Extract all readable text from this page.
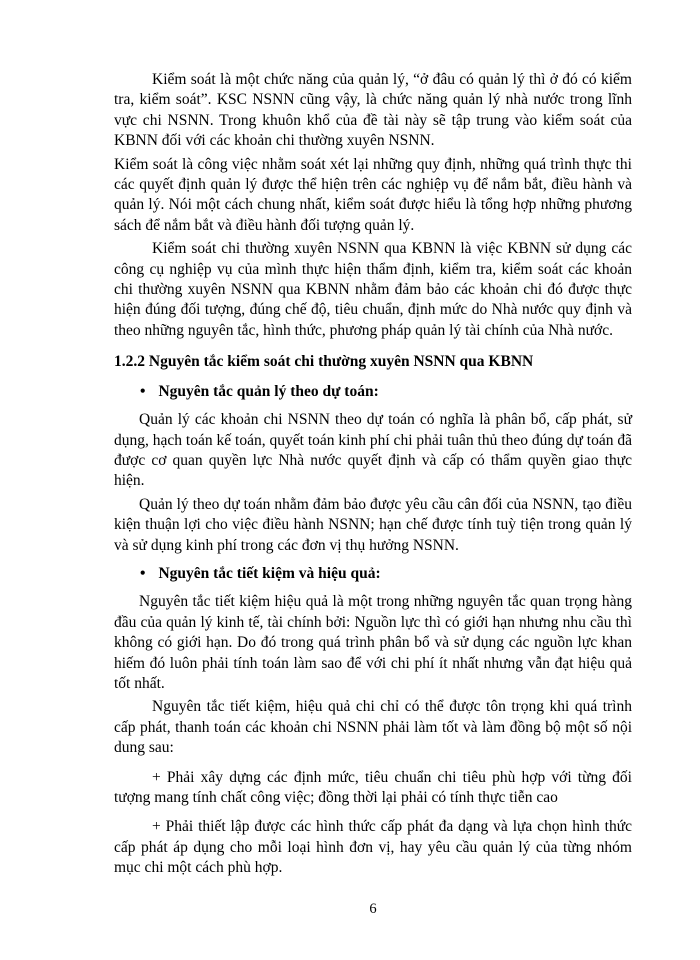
Kiểm soát là một chức năng của quản lý, “ở đâu có quản lý thì ở đó có kiểm tra, kiểm soát”. KSC NSNN cũng vậy, là chức năng quản lý nhà nước trong lĩnh vực chi NSNN. Trong khuôn khổ của đề tài này sẽ tập trung vào kiểm soát của KBNN đối với các khoản chi thường xuyên NSNN.

Kiểm soát là công việc nhằm soát xét lại những quy định, những quá trình thực thi các quyết định quản lý được thể hiện trên các nghiệp vụ để nắm bắt, điều hành và quản lý. Nói một cách chung nhất, kiểm soát được hiểu là tổng hợp những phương sách để nắm bắt và điều hành đối tượng quản lý.

Kiểm soát chi thường xuyên NSNN qua KBNN là việc KBNN sử dụng các công cụ nghiệp vụ của mình thực hiện thẩm định, kiểm tra, kiểm soát các khoản chi thường xuyên NSNN qua KBNN nhằm đảm bảo các khoản chi đó được thực hiện đúng đối tượng, đúng chế độ, tiêu chuẩn, định mức do Nhà nước quy định và theo những nguyên tắc, hình thức, phương pháp quản lý tài chính của Nhà nước.

1.2.2 Nguyên tắc kiểm soát chi thường xuyên NSNN qua KBNN
• Nguyên tắc quản lý theo dự toán:

Quản lý các khoản chi NSNN theo dự toán có nghĩa là phân bổ, cấp phát, sử dụng, hạch toán kế toán, quyết toán kinh phí chi phải tuân thủ theo đúng dự toán đã được cơ quan quyền lực Nhà nước quyết định và cấp có thẩm quyền giao thực hiện.

Quản lý theo dự toán nhằm đảm bảo được yêu cầu cân đối của NSNN, tạo điều kiện thuận lợi cho việc điều hành NSNN; hạn chế được tính tuỳ tiện trong quản lý và sử dụng kinh phí trong các đơn vị thụ hưởng NSNN.

• Nguyên tắc tiết kiệm và hiệu quả:

Nguyên tắc tiết kiệm hiệu quả là một trong những nguyên tắc quan trọng hàng đầu của quản lý kinh tế, tài chính bởi: Nguồn lực thì có giới hạn nhưng nhu cầu thì không có giới hạn. Do đó trong quá trình phân bổ và sử dụng các nguồn lực khan hiếm đó luôn phải tính toán làm sao để với chi phí ít nhất nhưng vẫn đạt hiệu quả tốt nhất.

Nguyên tắc tiết kiệm, hiệu quả chi chỉ có thể được tôn trọng khi quá trình cấp phát, thanh toán các khoản chi NSNN phải làm tốt và làm đồng bộ một số nội dung sau:

+ Phải xây dựng các định mức, tiêu chuẩn chi tiêu phù hợp với từng đối tượng mang tính chất công việc; đồng thời lại phải có tính thực tiễn cao

+ Phải thiết lập được các hình thức cấp phát đa dạng và lựa chọn hình thức cấp phát áp dụng cho mỗi loại hình đơn vị, hay yêu cầu quản lý của từng nhóm mục chi một cách phù hợp.

6
